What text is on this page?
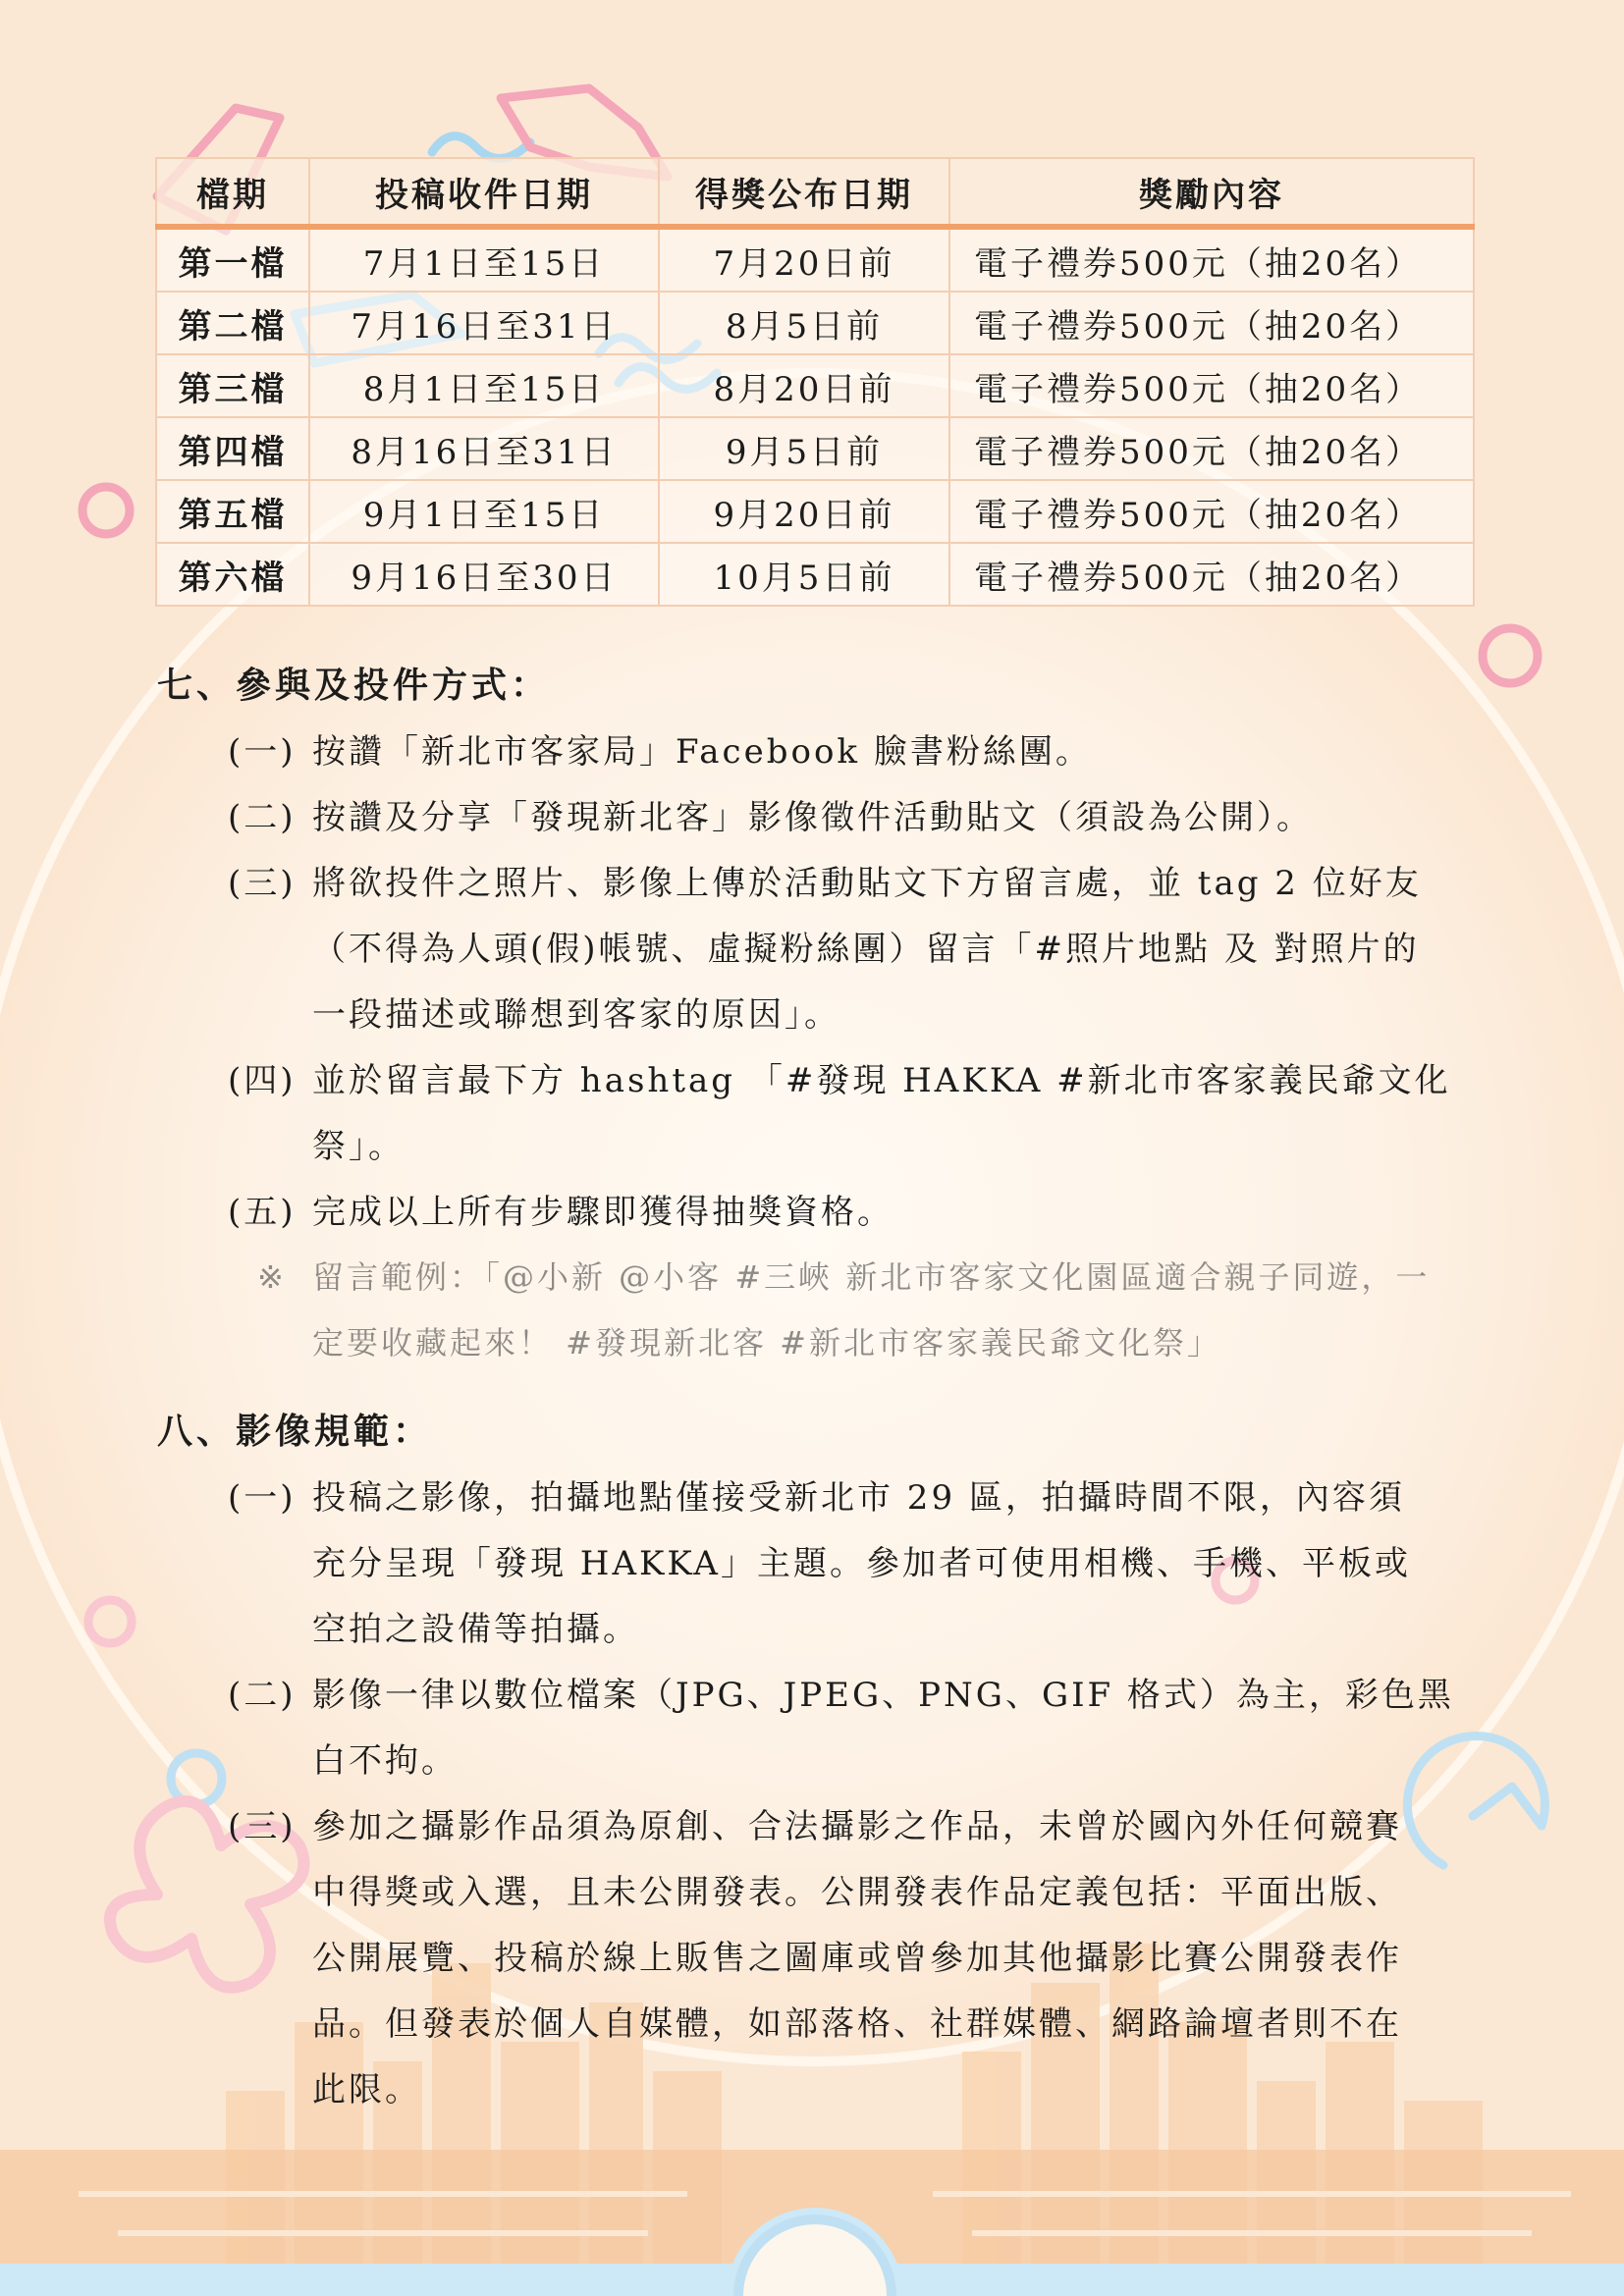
檔期	投稿收件日期	得獎公布日期	獎勵內容
第一檔	7月1日至15日	7月20日前	電子禮券500元（抽20名）
第二檔	7月16日至31日	8月5日前	電子禮券500元（抽20名）
第三檔	8月1日至15日	8月20日前	電子禮券500元（抽20名）
第四檔	8月16日至31日	9月5日前	電子禮券500元（抽20名）
第五檔	9月1日至15日	9月20日前	電子禮券500元（抽20名）
第六檔	9月16日至30日	10月5日前	電子禮券500元（抽20名）
七、參與及投件方式：
(一) 按讚「新北市客家局」Facebook 臉書粉絲團。
(二) 按讚及分享「發現新北客」影像徵件活動貼文（須設為公開）。
(三) 將欲投件之照片、影像上傳於活動貼文下方留言處，並 tag 2 位好友
（不得為人頭(假)帳號、虛擬粉絲團）留言「#照片地點 及 對照片的
一段描述或聯想到客家的原因」。
(四) 並於留言最下方 hashtag 「#發現 HAKKA #新北市客家義民爺文化
祭」。
(五) 完成以上所有步驟即獲得抽獎資格。
※ 留言範例：「@小新 @小客 #三峽 新北市客家文化園區適合親子同遊，一
定要收藏起來！ #發現新北客 #新北市客家義民爺文化祭」
八、影像規範：
(一) 投稿之影像，拍攝地點僅接受新北市 29 區，拍攝時間不限，內容須
充分呈現「發現 HAKKA」主題。參加者可使用相機、手機、平板或
空拍之設備等拍攝。
(二) 影像一律以數位檔案（JPG、JPEG、PNG、GIF 格式）為主，彩色黑
白不拘。
(三) 參加之攝影作品須為原創、合法攝影之作品，未曾於國內外任何競賽
中得獎或入選，且未公開發表。公開發表作品定義包括：平面出版、
公開展覽、投稿於線上販售之圖庫或曾參加其他攝影比賽公開發表作
品。但發表於個人自媒體，如部落格、社群媒體、網路論壇者則不在
此限。
